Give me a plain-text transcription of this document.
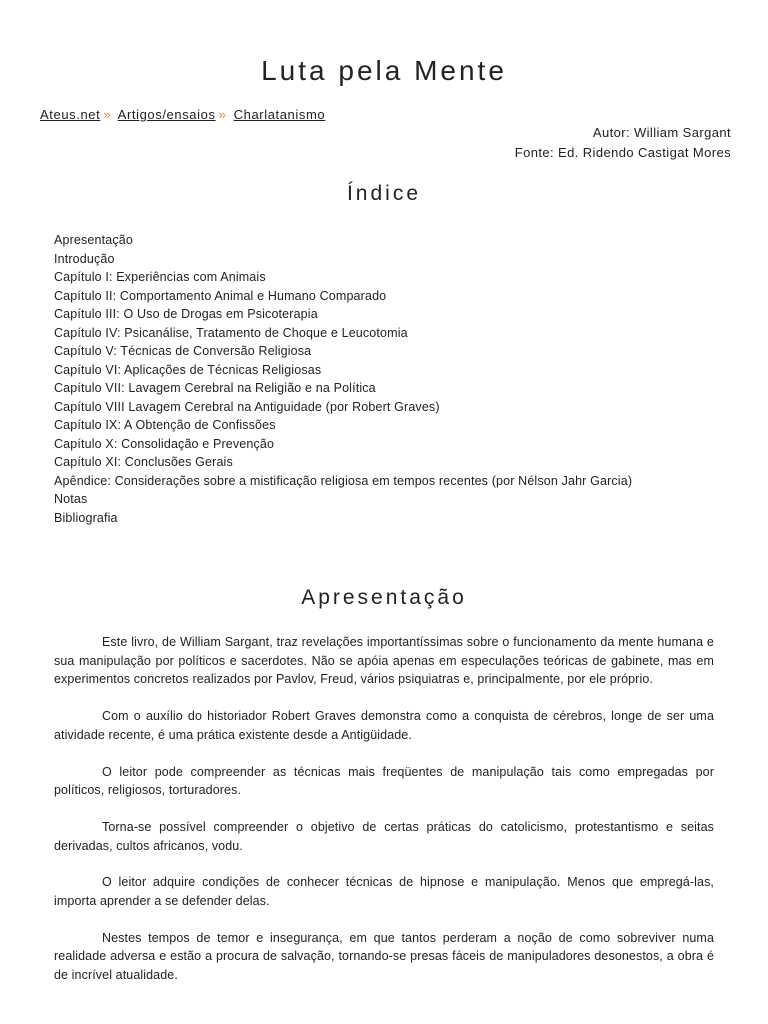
Luta pela Mente
Ateus.net » Artigos/ensaios » Charlatanismo
Autor: William Sargant
Fonte: Ed. Ridendo Castigat Mores
Índice
Apresentação
Introdução
Capítulo I: Experiências com Animais
Capítulo II: Comportamento Animal e Humano Comparado
Capítulo III: O Uso de Drogas em Psicoterapia
Capítulo IV: Psicanálise, Tratamento de Choque e Leucotomia
Capítulo V: Técnicas de Conversão Religiosa
Capítulo VI: Aplicações de Técnicas Religiosas
Capítulo VII: Lavagem Cerebral na Religião e na Política
Capítulo VIII Lavagem Cerebral na Antiguidade (por Robert Graves)
Capítulo IX: A Obtenção de Confissões
Capítulo X: Consolidação e Prevenção
Capítulo XI: Conclusões Gerais
Apêndice: Considerações sobre a mistificação religiosa em tempos recentes (por Nélson Jahr Garcia)
Notas
Bibliografia
Apresentação

Este livro, de William Sargant, traz revelações importantíssimas sobre o funcionamento da mente humana e sua manipulação por políticos e sacerdotes. Não se apóia apenas em especulações teóricas de gabinete, mas em experimentos concretos realizados por Pavlov, Freud, vários psiquiatras e, principalmente, por ele próprio.

Com o auxílio do historiador Robert Graves demonstra como a conquista de cérebros, longe de ser uma atividade recente, é uma prática existente desde a Antigüidade.

O leitor pode compreender as técnicas mais freqüentes de manipulação tais como empregadas por políticos, religiosos, torturadores.

Torna-se possível compreender o objetivo de certas práticas do catolicismo, protestantismo e seitas derivadas, cultos africanos, vodu.

O leitor adquire condições de conhecer técnicas de hipnose e manipulação. Menos que empregá-las, importa aprender a se defender delas.

Nestes tempos de temor e insegurança, em que tantos perderam a noção de como sobreviver numa realidade adversa e estão a procura de salvação, tornando-se presas fáceis de manipuladores desonestos, a obra é de incrível atualidade.
